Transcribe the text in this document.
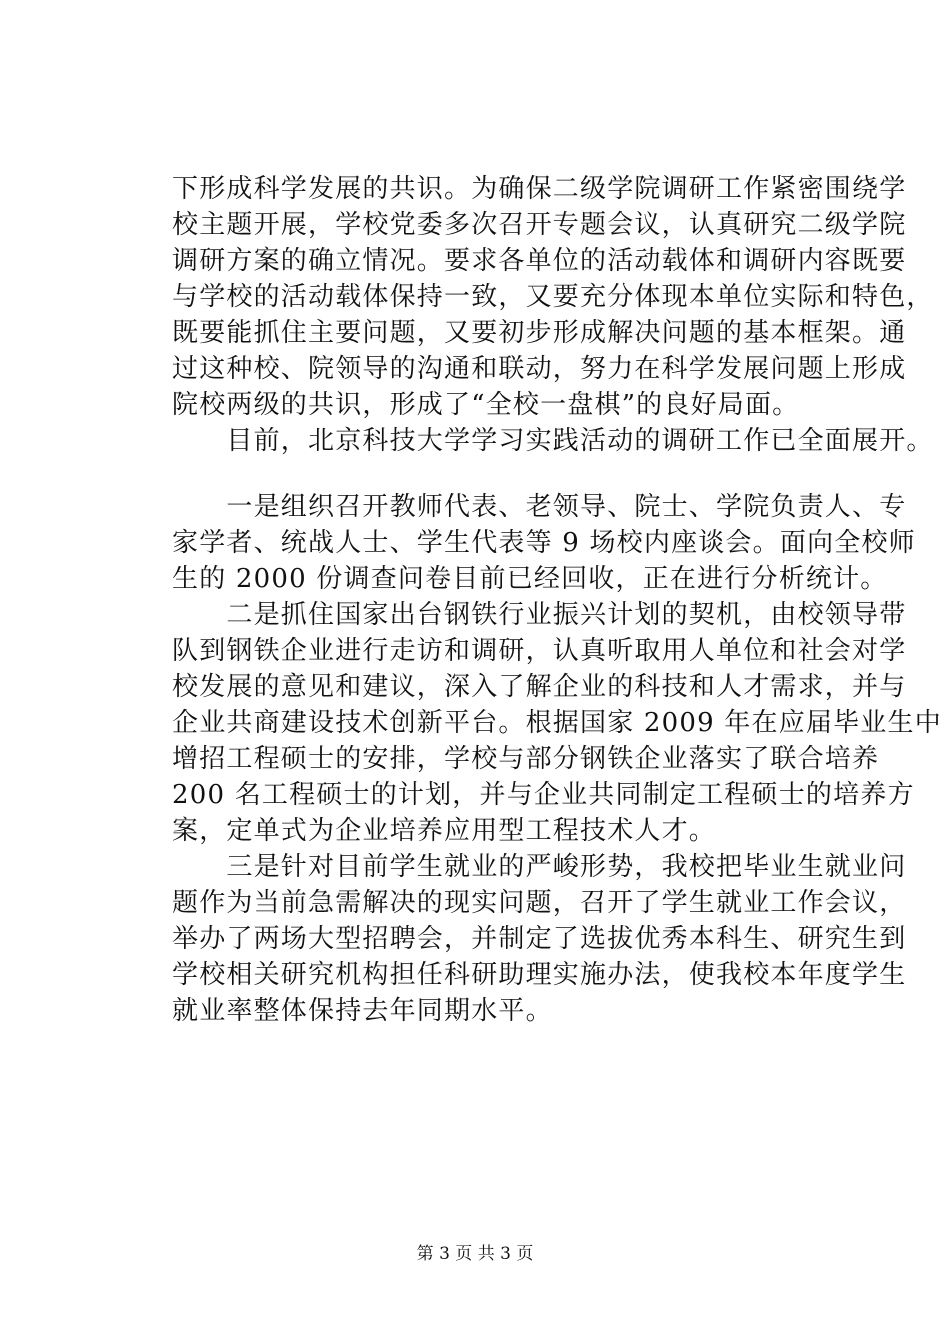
下形成科学发展的共识。为确保二级学院调研工作紧密围绕学
校主题开展，学校党委多次召开专题会议，认真研究二级学院
调研方案的确立情况。要求各单位的活动载体和调研内容既要
与学校的活动载体保持一致，又要充分体现本单位实际和特色，
既要能抓住主要问题，又要初步形成解决问题的基本框架。通
过这种校、院领导的沟通和联动，努力在科学发展问题上形成
院校两级的共识，形成了“全校一盘棋”的良好局面。
　　目前，北京科技大学学习实践活动的调研工作已全面展开。
　　一是组织召开教师代表、老领导、院士、学院负责人、专
家学者、统战人士、学生代表等 9 场校内座谈会。面向全校师
生的 2000 份调查问卷目前已经回收，正在进行分析统计。
　　二是抓住国家出台钢铁行业振兴计划的契机，由校领导带
队到钢铁企业进行走访和调研，认真听取用人单位和社会对学
校发展的意见和建议，深入了解企业的科技和人才需求，并与
企业共商建设技术创新平台。根据国家 2009 年在应届毕业生中
增招工程硕士的安排，学校与部分钢铁企业落实了联合培养
200 名工程硕士的计划，并与企业共同制定工程硕士的培养方
案，定单式为企业培养应用型工程技术人才。
　　三是针对目前学生就业的严峻形势，我校把毕业生就业问
题作为当前急需解决的现实问题，召开了学生就业工作会议，
举办了两场大型招聘会，并制定了选拔优秀本科生、研究生到
学校相关研究机构担任科研助理实施办法，使我校本年度学生
就业率整体保持去年同期水平。
第 3 页 共 3 页
